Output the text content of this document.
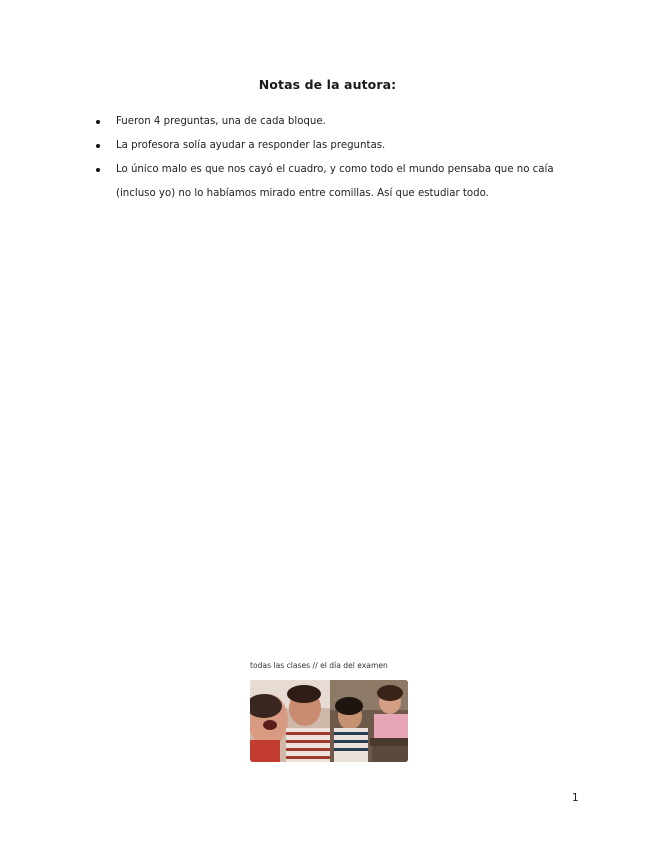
Notas de la autora:
Fueron 4 preguntas, una de cada bloque.
La profesora solía ayudar a responder las preguntas.
Lo único malo es que nos cayó el cuadro, y como todo el mundo pensaba que no caía (incluso yo) no lo habíamos mirado entre comillas. Así que estudiar todo.
todas las clases // el día del examen
1
